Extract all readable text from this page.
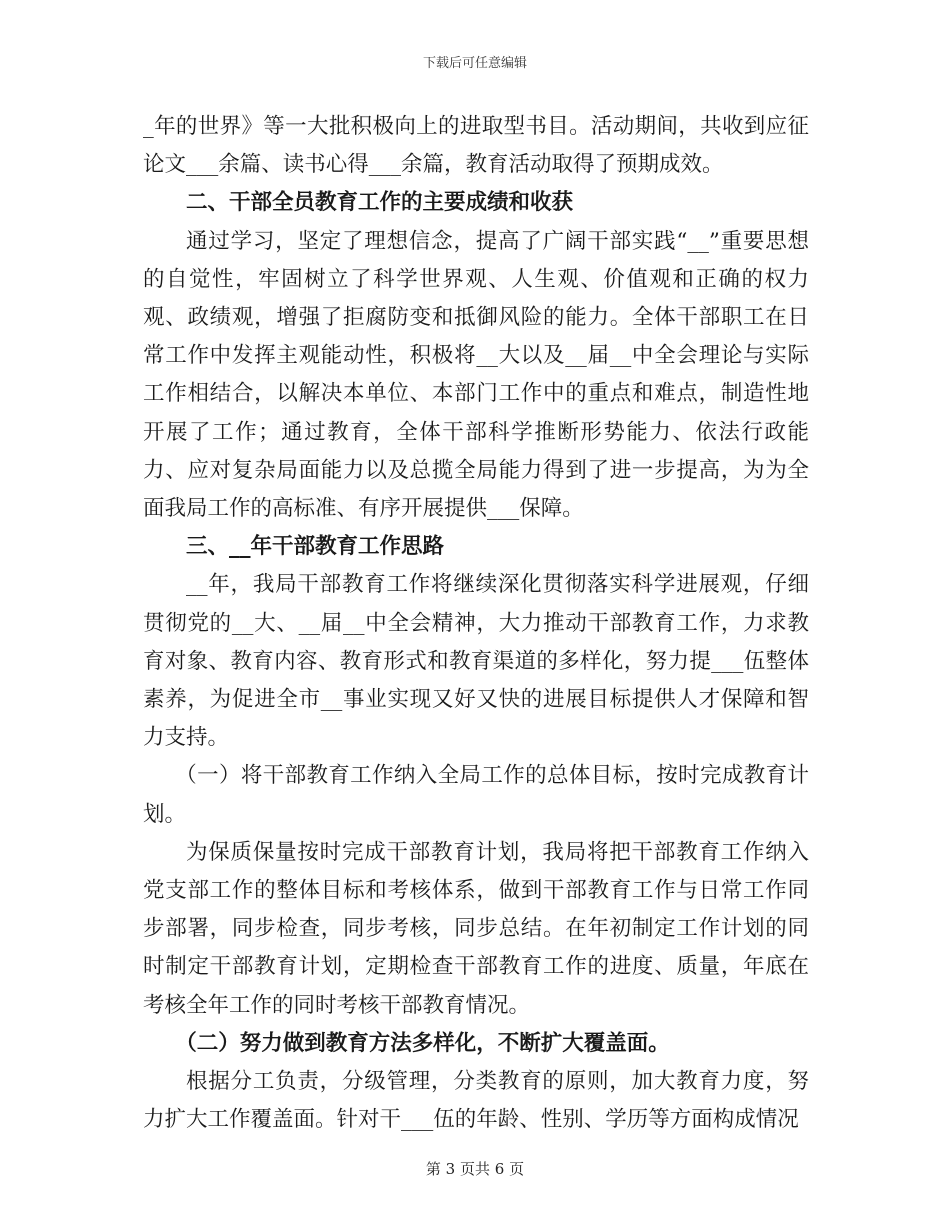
下载后可任意编辑

_年的世界》等一大批积极向上的进取型书目。活动期间，共收到应征论文___余篇、读书心得___余篇，教育活动取得了预期成效。

二、干部全员教育工作的主要成绩和收获

通过学习，坚定了理想信念，提高了广阔干部实践“__”重要思想的自觉性，牢固树立了科学世界观、人生观、价值观和正确的权力观、政绩观，增强了拒腐防变和抵御风险的能力。全体干部职工在日常工作中发挥主观能动性，积极将__大以及__届__中全会理论与实际工作相结合，以解决本单位、本部门工作中的重点和难点，制造性地开展了工作；通过教育，全体干部科学推断形势能力、依法行政能力、应对复杂局面能力以及总揽全局能力得到了进一步提高，为为全面我局工作的高标准、有序开展提供___保障。

三、__年干部教育工作思路

__年，我局干部教育工作将继续深化贯彻落实科学进展观，仔细贯彻党的__大、__届__中全会精神，大力推动干部教育工作，力求教育对象、教育内容、教育形式和教育渠道的多样化，努力提___伍整体素养，为促进全市__事业实现又好又快的进展目标提供人才保障和智力支持。

（一）将干部教育工作纳入全局工作的总体目标，按时完成教育计划。

为保质保量按时完成干部教育计划，我局将把干部教育工作纳入党支部工作的整体目标和考核体系，做到干部教育工作与日常工作同步部署，同步检查，同步考核，同步总结。在年初制定工作计划的同时制定干部教育计划，定期检查干部教育工作的进度、质量，年底在考核全年工作的同时考核干部教育情况。

（二）努力做到教育方法多样化，不断扩大覆盖面。

根据分工负责，分级管理，分类教育的原则，加大教育力度，努力扩大工作覆盖面。针对干___伍的年龄、性别、学历等方面构成情况

第 3 页共 6 页
